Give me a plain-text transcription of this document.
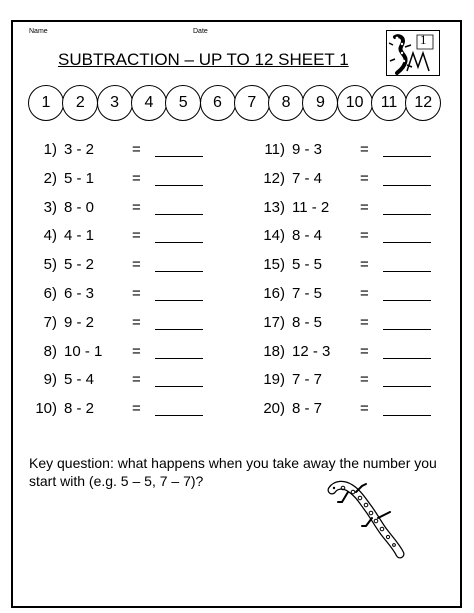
Name	Date
1
SUBTRACTION – UP TO 12 SHEET 1
1	2	3	4	5	6	7	8	9	10	11	12
1) 3 - 2	=
2) 5 - 1	=
3) 8 - 0	=
4) 4 - 1	=
5) 5 - 2	=
6) 6 - 3	=
7) 9 - 2	=
8) 10 - 1 =
9) 5 - 4	=
10) 8 - 2	=
11) 9 - 3	=
12) 7 - 4	=
13) 11 - 2 =
14) 8 - 4	=
15) 5 - 5	=
16) 7 - 5	=
17) 8 - 5	=
18) 12 - 3 =
19) 7 - 7	=
20) 8 - 7	=
Key question: what happens when you take away the number you start with (e.g. 5 – 5, 7 – 7)?
